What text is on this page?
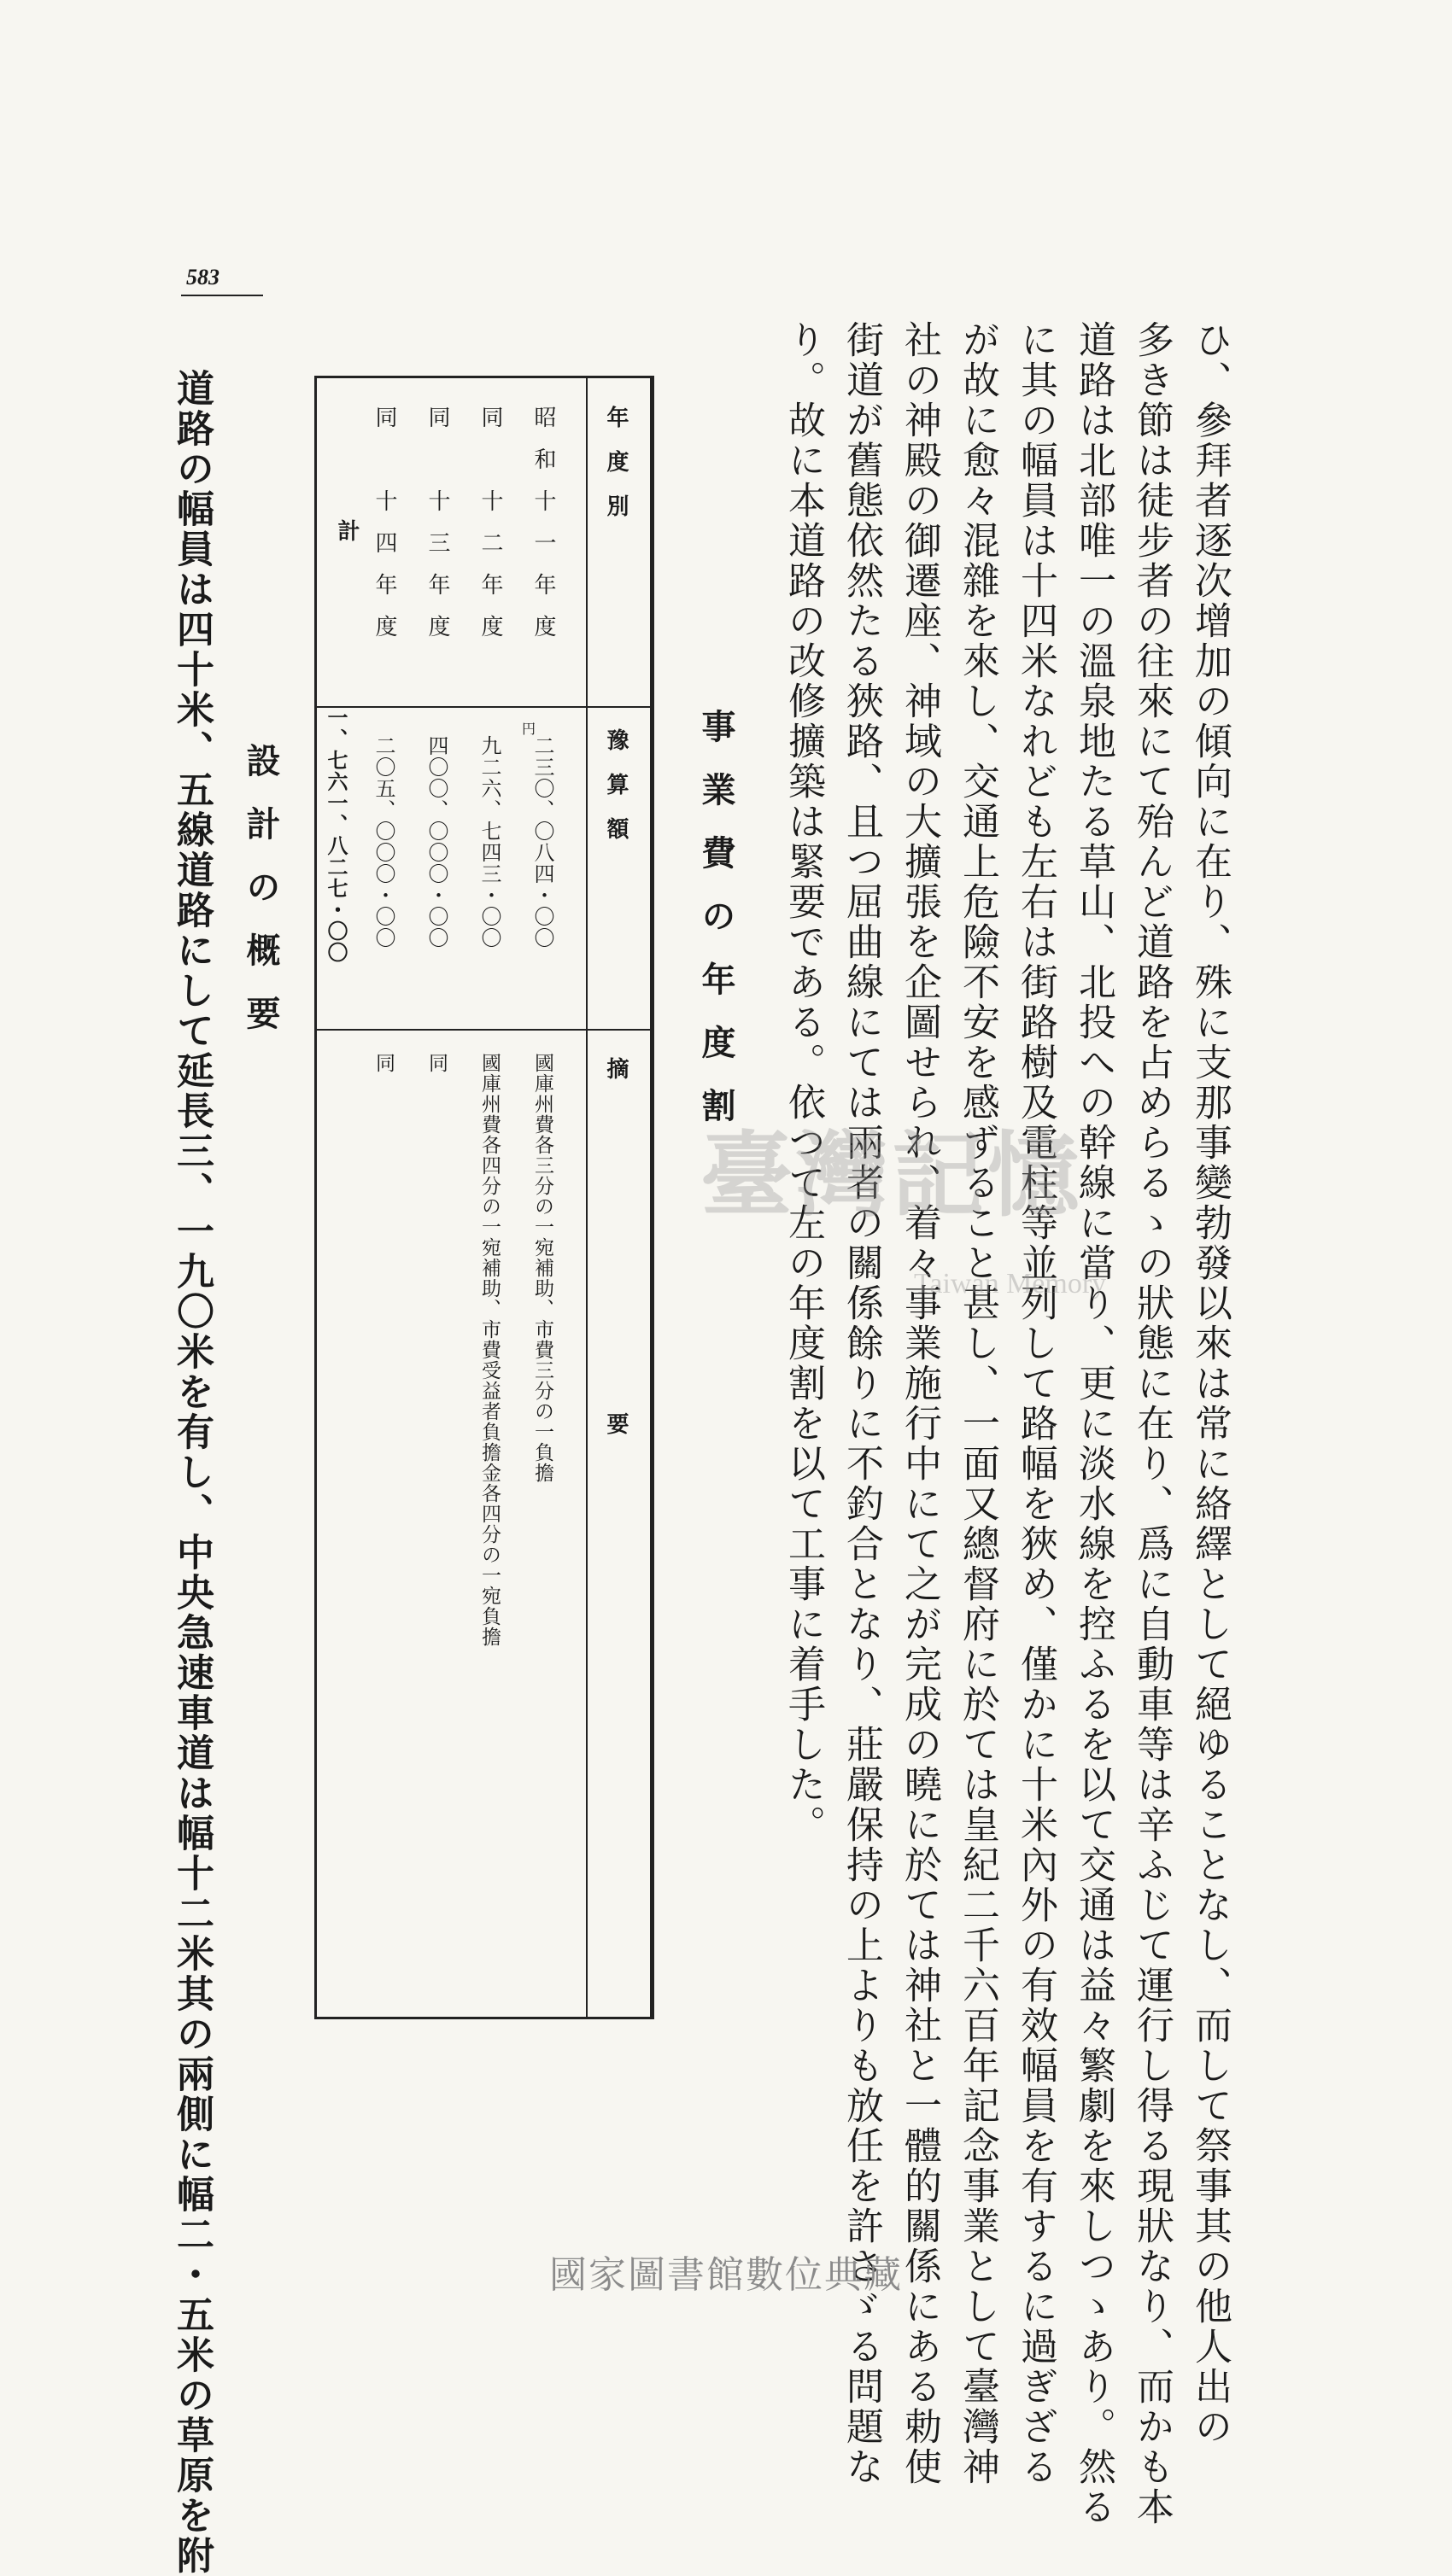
583
ひ、參拜者逐次增加の傾向に在り、殊に支那事變勃發以來は常に絡繹として絕ゆることなし、而して祭事其の他人出の
多き節は徒步者の往來にて殆んど道路を占めらるゝの狀態に在り、爲に自動車等は辛ふじて運行し得る現狀なり、而かも本
道路は北部唯一の溫泉地たる草山、北投への幹線に當り、更に淡水線を控ふるを以て交通は益々繁劇を來しつゝあり。然る
に其の幅員は十四米なれども左右は街路樹及電柱等並列して路幅を狹め、僅かに十米內外の有效幅員を有するに過ぎざる
が故に愈々混雜を來し、交通上危險不安を感ずること甚し、一面又總督府に於ては皇紀二千六百年記念事業として臺灣神
社の神殿の御遷座、神域の大擴張を企圖せられ、着々事業施行中にて之が完成の曉に於ては神社と一體的關係にある勅使
街道が舊態依然たる狹路、且つ屈曲線にては兩者の關係餘りに不釣合となり、莊嚴保持の上よりも放任を許さゞる問題な
り。故に本道路の改修擴築は緊要である。依つて左の年度割を以て工事に着手した。
事業費の年度割
年度別
豫算額
摘　　　　　　　要
昭和十一年度
同　十二年度
同　十三年度
同　十四年度
計
円
二三〇、〇八四・〇〇
九二六、七四三・〇〇
四〇〇、〇〇〇・〇〇
二〇五、〇〇〇・〇〇
一、七六一、八二七・〇〇
國庫州費各三分の一宛補助、市費三分の一負擔
國庫州費各四分の一宛補助、市費受益者負擔金各四分の一宛負擔
同
同
設計の概要
道路の幅員は四十米、五線道路にして延長三、一九〇米を有し、中央急速車道は幅十二米其の兩側に幅二・五米の草原を附	臺灣記憶
Taiwan Memory
國家圖書館數位典藏
